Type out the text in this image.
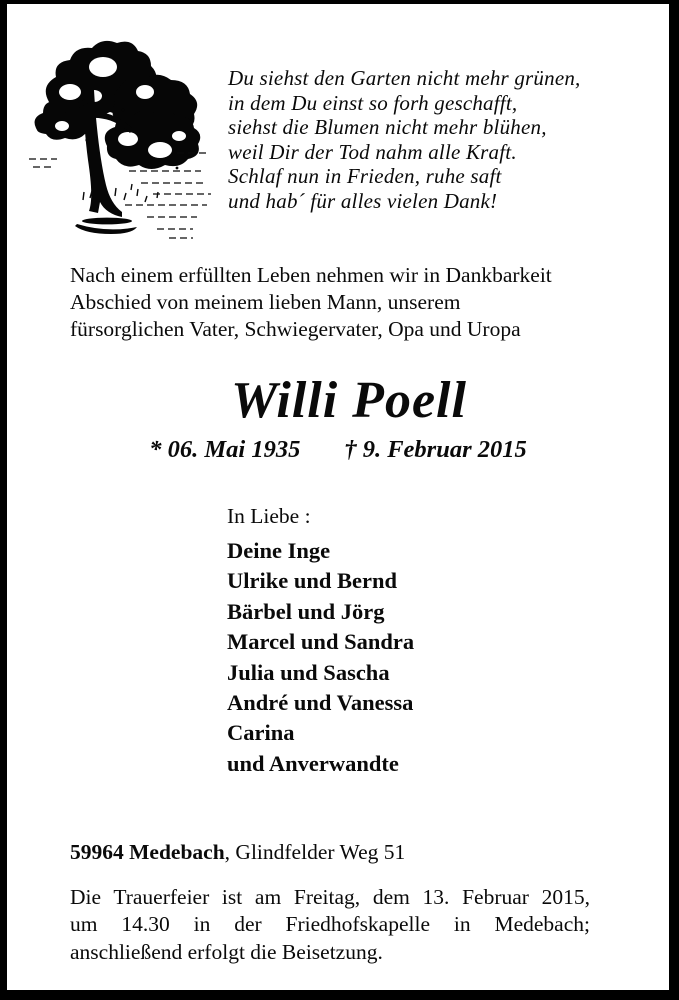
Du siehst den Garten nicht mehr grünen,
in dem Du einst so forh geschafft,
siehst die Blumen nicht mehr blühen,
weil Dir der Tod nahm alle Kraft.
Schlaf nun in Frieden, ruhe saft
und hab´ für alles vielen Dank!
Nach einem erfüllten Leben nehmen wir in Dankbarkeit
Abschied von meinem lieben Mann, unserem
fürsorglichen Vater, Schwiegervater, Opa und Uropa
Willi Poell
* 06. Mai 1935 † 9. Februar 2015
In Liebe :
Deine Inge
Ulrike und Bernd
Bärbel und Jörg
Marcel und Sandra
Julia und Sascha
André und Vanessa
Carina
und Anverwandte
59964 Medebach, Glindfelder Weg 51
Die Trauerfeier ist am Freitag, dem 13. Februar 2015,
um 14.30 in der Friedhofskapelle in Medebach;
anschließend erfolgt die Beisetzung.
